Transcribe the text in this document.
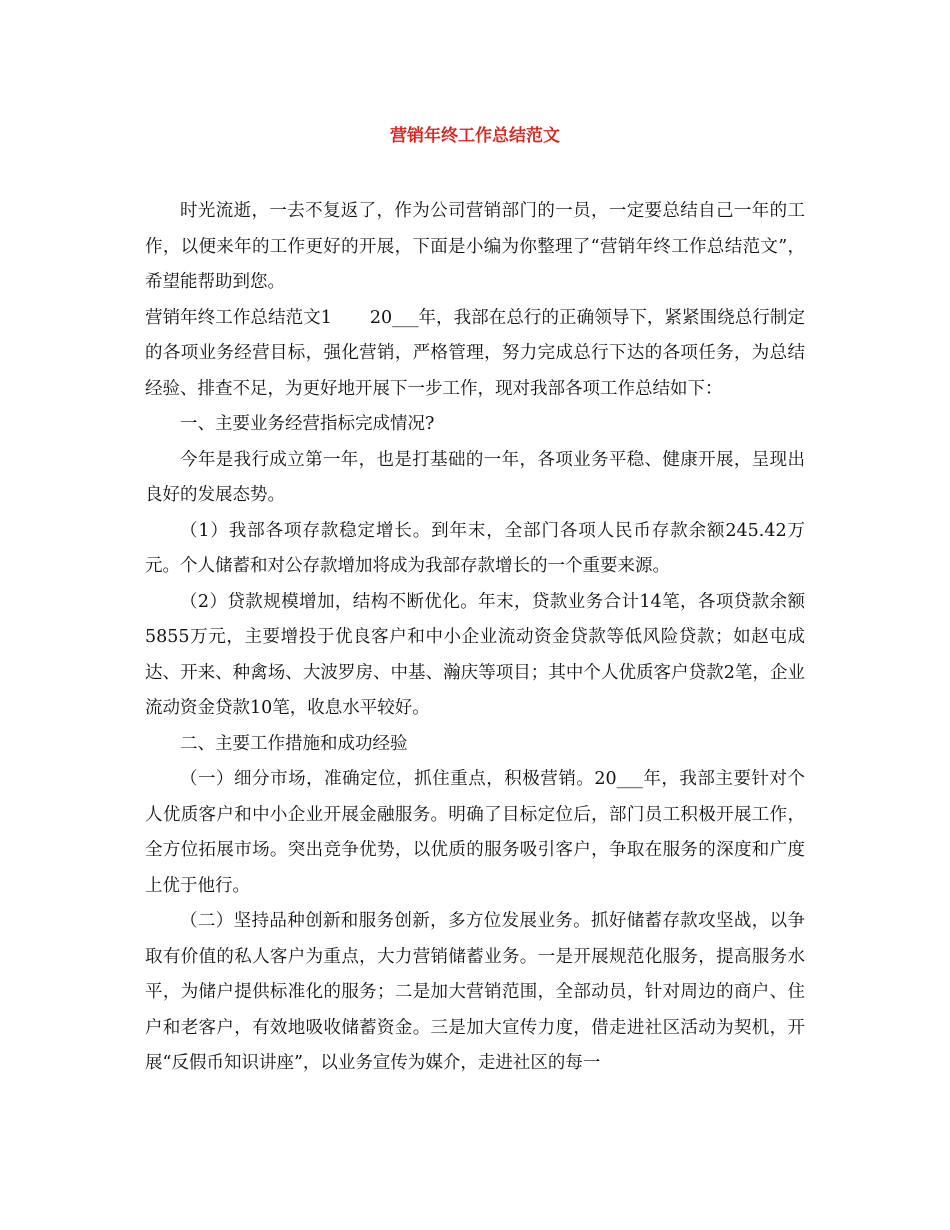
营销年终工作总结范文

时光流逝，一去不复返了，作为公司营销部门的一员，一定要总结自己一年的工作，以便来年的工作更好的开展，下面是小编为你整理了“营销年终工作总结范文”，希望能帮助到您。

营销年终工作总结范文1 20___年，我部在总行的正确领导下，紧紧围绕总行制定的各项业务经营目标，强化营销，严格管理，努力完成总行下达的各项任务，为总结经验、排查不足，为更好地开展下一步工作，现对我部各项工作总结如下：

一、主要业务经营指标完成情况?

今年是我行成立第一年，也是打基础的一年，各项业务平稳、健康开展，呈现出良好的发展态势。

（1）我部各项存款稳定增长。到年末，全部门各项人民币存款余额245.42万元。个人储蓄和对公存款增加将成为我部存款增长的一个重要来源。

（2）贷款规模增加，结构不断优化。年末，贷款业务合计14笔，各项贷款余额5855万元，主要增投于优良客户和中小企业流动资金贷款等低风险贷款；如赵屯成达、开来、种禽场、大波罗房、中基、瀚庆等项目；其中个人优质客户贷款2笔，企业流动资金贷款10笔，收息水平较好。

二、主要工作措施和成功经验

（一）细分市场，准确定位，抓住重点，积极营销。20___年，我部主要针对个人优质客户和中小企业开展金融服务。明确了目标定位后，部门员工积极开展工作，全方位拓展市场。突出竞争优势，以优质的服务吸引客户，争取在服务的深度和广度上优于他行。

（二）坚持品种创新和服务创新，多方位发展业务。抓好储蓄存款攻坚战，以争取有价值的私人客户为重点，大力营销储蓄业务。一是开展规范化服务，提高服务水平，为储户提供标准化的服务；二是加大营销范围，全部动员，针对周边的商户、住户和老客户，有效地吸收储蓄资金。三是加大宣传力度，借走进社区活动为契机，开展“反假币知识讲座”，以业务宣传为媒介，走进社区的每一
